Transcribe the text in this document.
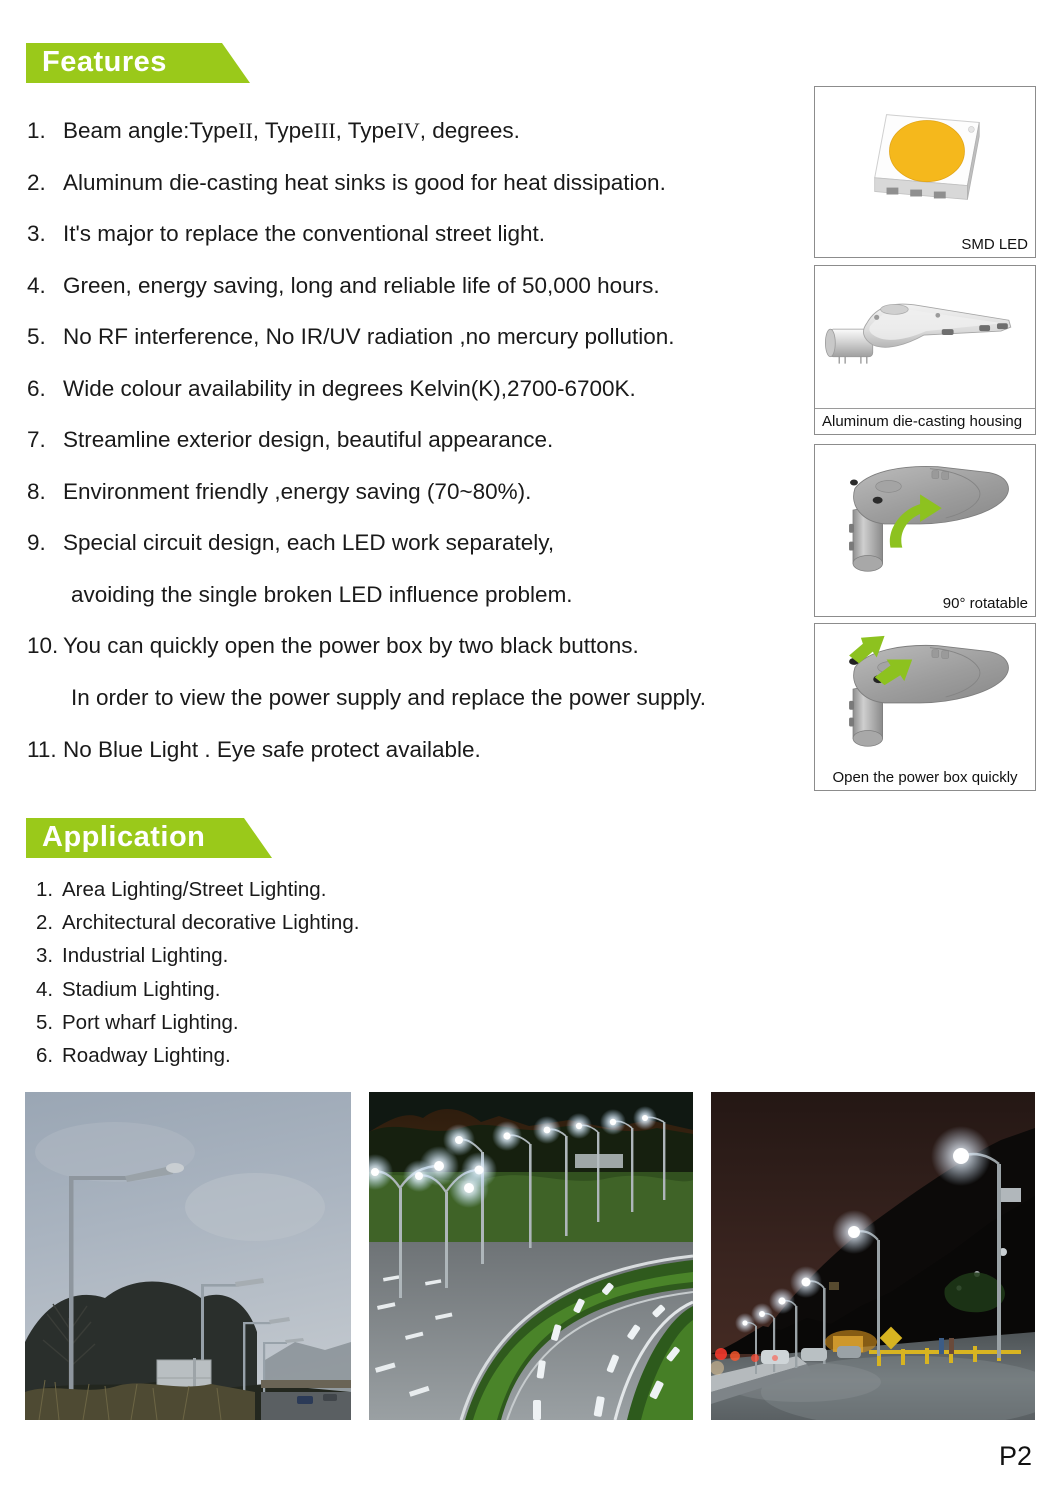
Features
1. Beam angle:TypeII, TypeIII, TypeIV, degrees.
2. Aluminum die-casting heat sinks is good for heat dissipation.
3. It's major to replace the conventional street light.
4. Green, energy saving, long and reliable life of 50,000 hours.
5. No RF interference, No IR/UV radiation ,no mercury pollution.
6. Wide colour availability in degrees Kelvin(K),2700-6700K.
7. Streamline exterior design, beautiful appearance.
8. Environment friendly ,energy saving (70~80%).
9. Special circuit design, each LED work separately,
avoiding the single broken LED influence problem.
10. You can quickly open the power box by two black buttons.
In order to view the power supply and replace the power supply.
11. No Blue Light . Eye safe protect available.
SMD LED
Aluminum die-casting housing
90° rotatable
Open the power box quickly
Application
1. Area Lighting/Street Lighting.
2. Architectural decorative Lighting.
3. Industrial Lighting.
4. Stadium Lighting.
5. Port wharf Lighting.
6. Roadway Lighting.
P2
